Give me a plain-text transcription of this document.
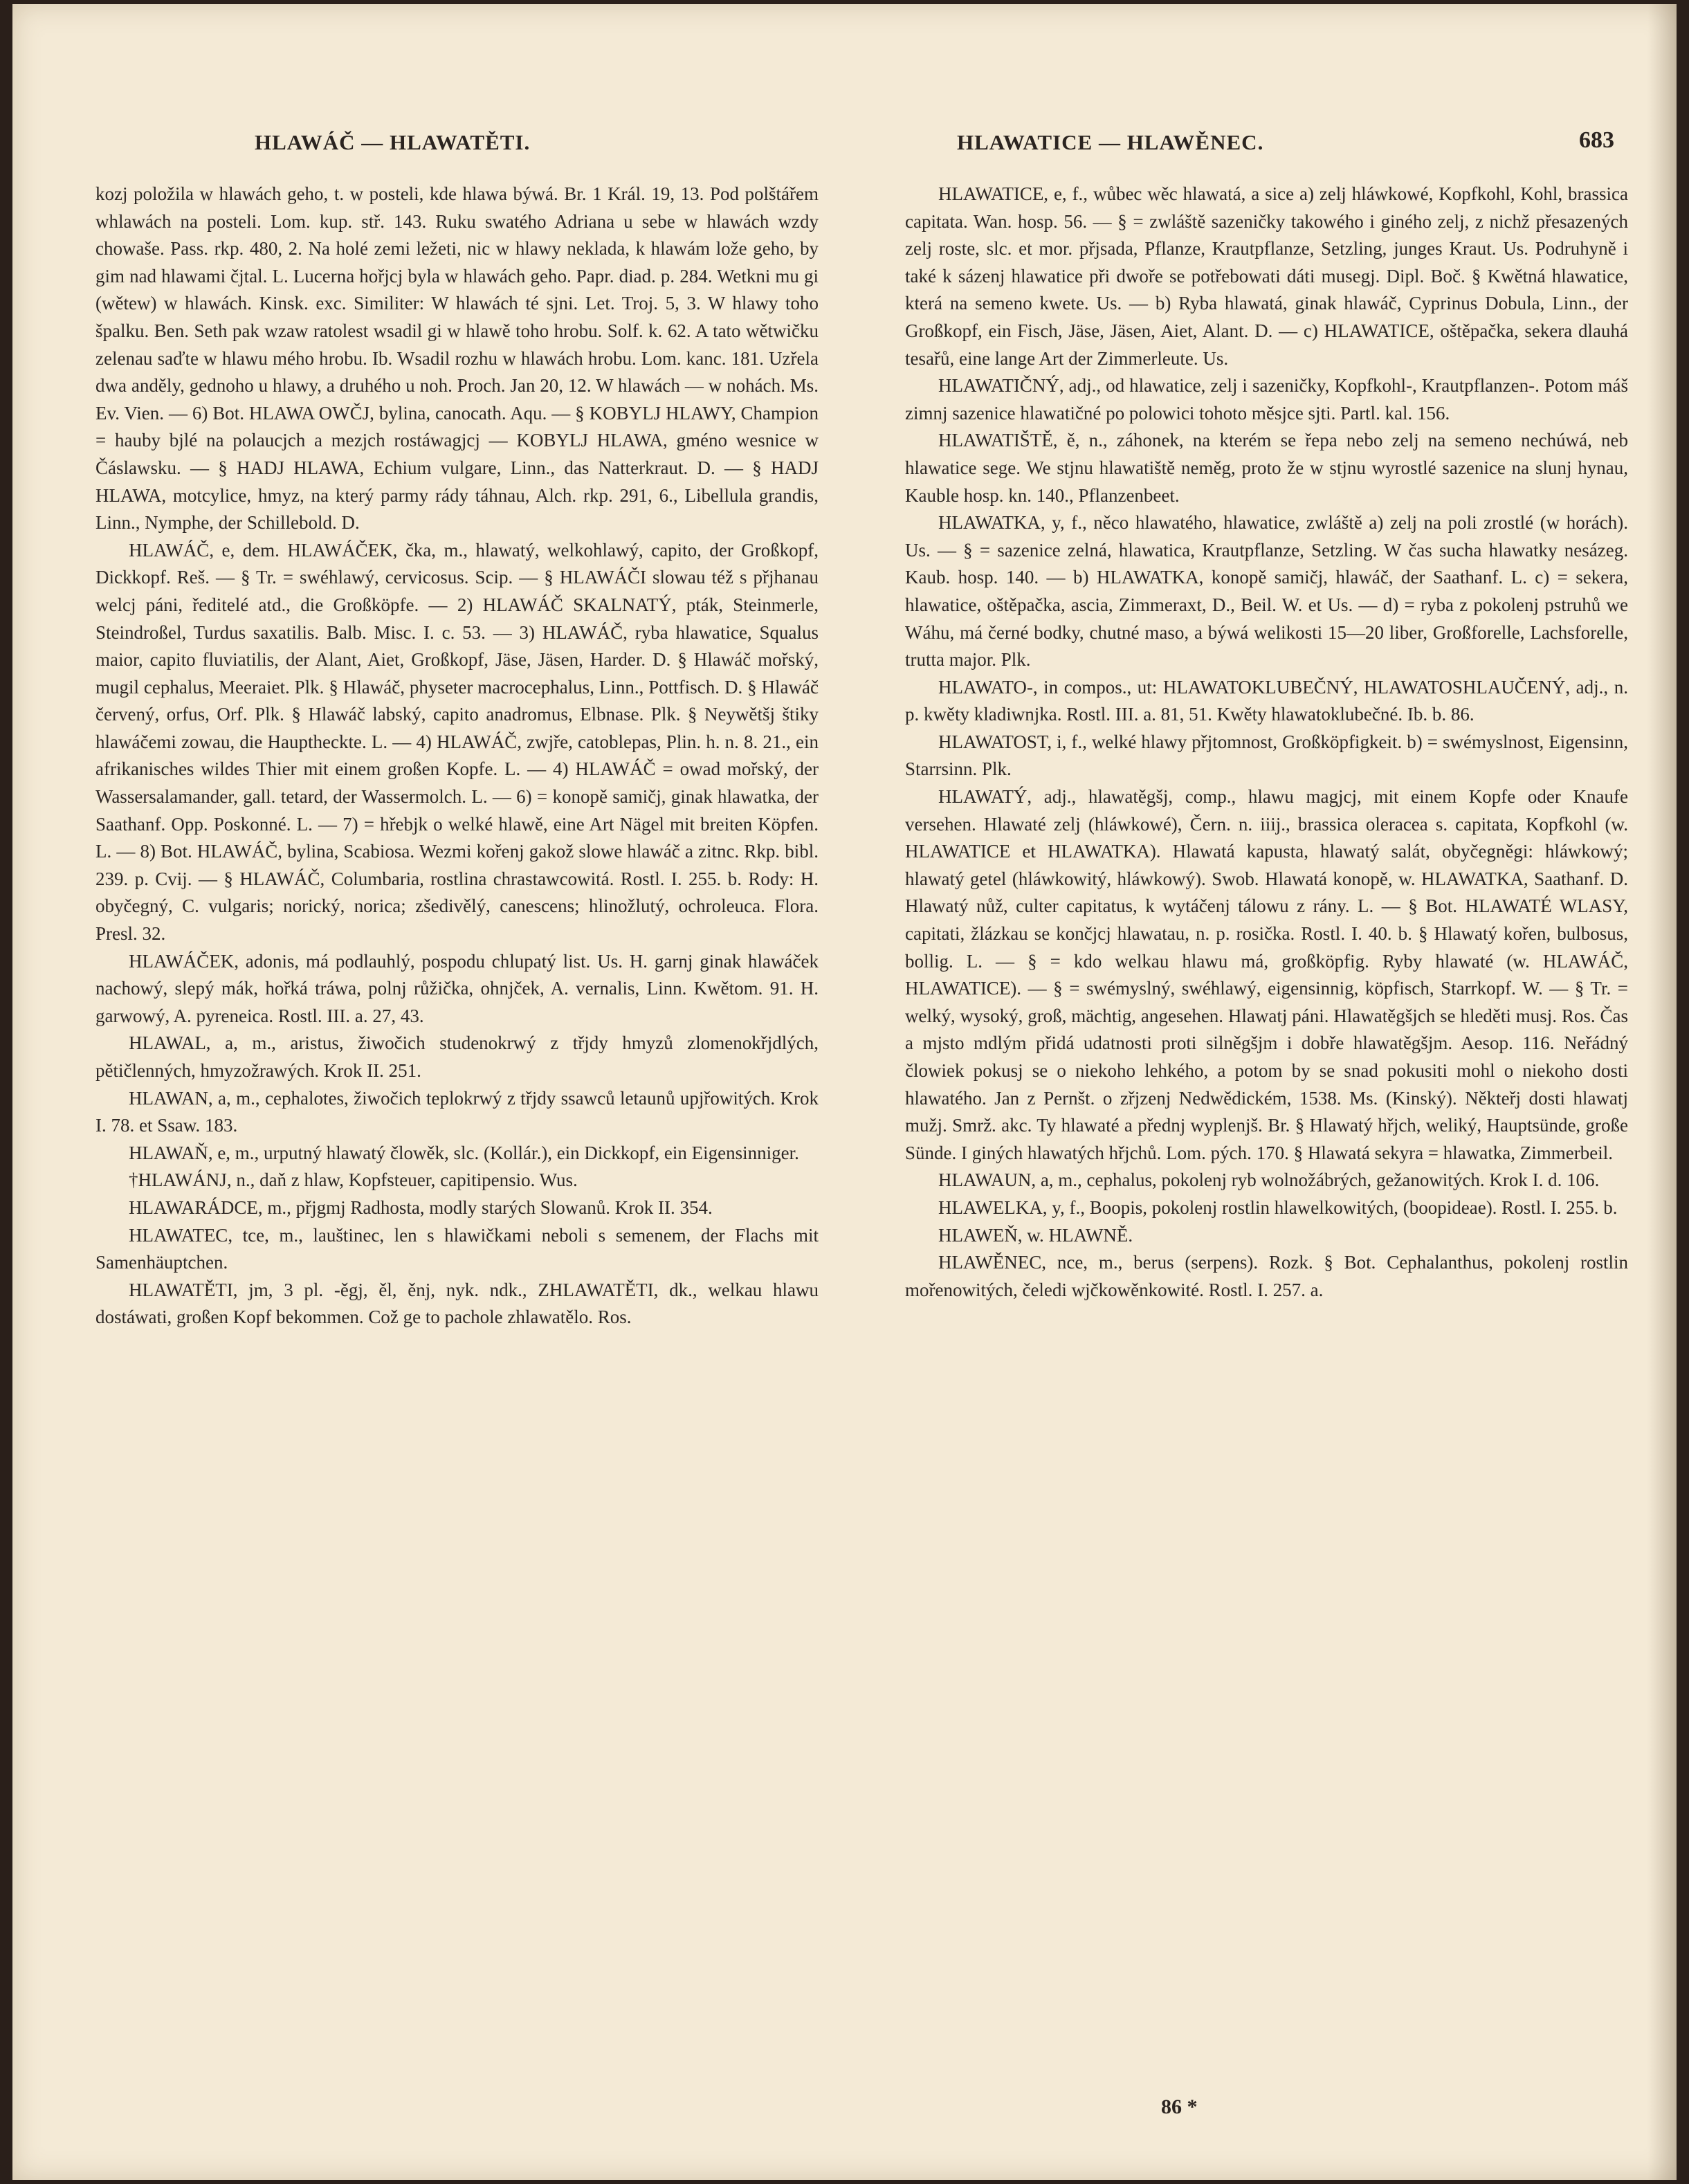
HLAWÁČ — HLAWATĚTI.	HLAWATICE — HLAWĚNEC.	683

kozj položila w hlawách geho, t. w posteli, kde hlawa býwá. Br. 1 Král. 19, 13. Pod polštářem whlawách na posteli. Lom. kup. stř. 143. Ruku swatého Adriana u sebe w hlawách wzdy chowaše. Pass. rkp. 480, 2. Na holé zemi ležeti, nic w hlawy neklada, k hlawám lože geho, by gim nad hlawami čjtal. L. Lucerna hořjcj byla w hlawách geho. Papr. diad. p. 284. Wetkni mu gi (wětew) w hlawách. Kinsk. exc. Similiter: W hlawách té sjni. Let. Troj. 5, 3. W hlawy toho špalku. Ben. Seth pak wzaw ratolest wsadil gi w hlawě toho hrobu. Solf. k. 62. A tato wětwičku zelenau saďte w hlawu mého hrobu. Ib. Wsadil rozhu w hlawách hrobu. Lom. kanc. 181. Uzřela dwa anděly, gednoho u hlawy, a druhého u noh. Proch. Jan 20, 12. W hlawách — w nohách. Ms. Ev. Vien. — 6) Bot. HLAWA OWČJ, bylina, canocath. Aqu. — § KOBYLJ HLAWY, Champion = hauby bjlé na polaucjch a mezjch rostáwagjcj — KOBYLJ HLAWA, gméno wesnice w Čáslawsku. — § HADJ HLAWA, Echium vulgare, Linn., das Natterkraut. D. — § HADJ HLAWA, motcylice, hmyz, na který parmy rády táhnau, Alch. rkp. 291, 6., Libellula grandis, Linn., Nymphe, der Schillebold. D.

HLAWÁČ, e, dem. HLAWÁČEK, čka, m., hlawatý, welkohlawý, capito, der Großkopf, Dickkopf. Reš. — § Tr. = swéhlawý, cervicosus. Scip. — § HLAWÁČI slowau též s přjhanau welcj páni, ředitelé atd., die Großköpfe. — 2) HLAWÁČ SKALNATÝ, pták, Steinmerle, Steindroßel, Turdus saxatilis. Balb. Misc. I. c. 53. — 3) HLAWÁČ, ryba hlawatice, Squalus maior, capito fluviatilis, der Alant, Aiet, Großkopf, Jäse, Jäsen, Harder. D. § Hlawáč mořský, mugil cephalus, Meeraiet. Plk. § Hlawáč, physeter macrocephalus, Linn., Pottfisch. D. § Hlawáč červený, orfus, Orf. Plk. § Hlawáč labský, capito anadromus, Elbnase. Plk. § Neywětšj štiky hlawáčemi zowau, die Hauptheckte. L. — 4) HLAWÁČ, zwjře, catoblepas, Plin. h. n. 8. 21., ein afrikanisches wildes Thier mit einem großen Kopfe. L. — 4) HLAWÁČ = owad mořský, der Wassersalamander, gall. tetard, der Wassermolch. L. — 6) = konopě samičj, ginak hlawatka, der Saathanf. Opp. Poskonné. L. — 7) = hřebjk o welké hlawě, eine Art Nägel mit breiten Köpfen. L. — 8) Bot. HLAWÁČ, bylina, Scabiosa. Wezmi kořenj gakož slowe hlawáč a zitnc. Rkp. bibl. 239. p. Cvij. — § HLAWÁČ, Columbaria, rostlina chrastawcowitá. Rostl. I. 255. b. Rody: H. obyčegný, C. vulgaris; norický, norica; zšedivělý, canescens; hlinožlutý, ochroleuca. Flora. Presl. 32.

HLAWÁČEK, adonis, má podlauhlý, pospodu chlupatý list. Us. H. garnj ginak hlawáček nachowý, slepý mák, hořká tráwa, polnj růžička, ohnjček, A. vernalis, Linn. Kwětom. 91. H. garwowý, A. pyreneica. Rostl. III. a. 27, 43.

HLAWAL, a, m., aristus, žiwočich studenokrwý z třjdy hmyzů zlomenokřjdlých, pětičlenných, hmyzožrawých. Krok II. 251.

HLAWAN, a, m., cephalotes, žiwočich teplokrwý z třjdy ssawců letaunů upjřowitých. Krok I. 78. et Ssaw. 183.

HLAWAŇ, e, m., urputný hlawatý člowěk, slc. (Kollár.), ein Dickkopf, ein Eigensinniger.

†HLAWÁNJ, n., daň z hlaw, Kopfsteuer, capitipensio. Wus.

HLAWARÁDCE, m., přjgmj Radhosta, modly starých Slowanů. Krok II. 354.

HLAWATEC, tce, m., lauštinec, len s hlawičkami neboli s semenem, der Flachs mit Samenhäuptchen.

HLAWATĚTI, jm, 3 pl. -ěgj, ěl, ěnj, nyk. ndk., ZHLAWATĚTI, dk., welkau hlawu dostáwati, großen Kopf bekommen. Což ge to pachole zhlawatělo. Ros.

HLAWATICE, e, f., wůbec wěc hlawatá, a sice a) zelj hláwkowé, Kopfkohl, Kohl, brassica capitata. Wan. hosp. 56. — § = zwláště sazeničky takowého i giného zelj, z nichž přesazených zelj roste, slc. et mor. přjsada, Pflanze, Krautpflanze, Setzling, junges Kraut. Us. Podruhyně i také k sázenj hlawatice při dwoře se potřebowati dáti musegj. Dipl. Boč. § Kwětná hlawatice, která na semeno kwete. Us. — b) Ryba hlawatá, ginak hlawáč, Cyprinus Dobula, Linn., der Großkopf, ein Fisch, Jäse, Jäsen, Aiet, Alant. D. — c) HLAWATICE, oštěpačka, sekera dlauhá tesařů, eine lange Art der Zimmerleute. Us.

HLAWATIČNÝ, adj., od hlawatice, zelj i sazeničky, Kopfkohl-, Krautpflanzen-. Potom máš zimnj sazenice hlawatičné po polowici tohoto měsjce sjti. Partl. kal. 156.

HLAWATIŠTĚ, ě, n., záhonek, na kterém se řepa nebo zelj na semeno nechúwá, neb hlawatice sege. We stjnu hlawatiště neměg, proto že w stjnu wyrostlé sazenice na slunj hynau, Kauble hosp. kn. 140., Pflanzenbeet.

HLAWATKA, y, f., něco hlawatého, hlawatice, zwláště a) zelj na poli zrostlé (w horách). Us. — § = sazenice zelná, hlawatica, Krautpflanze, Setzling. W čas sucha hlawatky nesázeg. Kaub. hosp. 140. — b) HLAWATKA, konopě samičj, hlawáč, der Saathanf. L. c) = sekera, hlawatice, oštěpačka, ascia, Zimmeraxt, D., Beil. W. et Us. — d) = ryba z pokolenj pstruhů we Wáhu, má černé bodky, chutné maso, a býwá welikosti 15—20 liber, Großforelle, Lachsforelle, trutta major. Plk.

HLAWATO-, in compos., ut: HLAWATOKLUBEČNÝ, HLAWATOSHLAUČENÝ, adj., n. p. kwěty kladiwnjka. Rostl. III. a. 81, 51. Kwěty hlawatoklubečné. Ib. b. 86.

HLAWATOST, i, f., welké hlawy přjtomnost, Großköpfigkeit. b) = swémyslnost, Eigensinn, Starrsinn. Plk.

HLAWATÝ, adj., hlawatěgšj, comp., hlawu magjcj, mit einem Kopfe oder Knaufe versehen. Hlawaté zelj (hláwkowé), Čern. n. iiij., brassica oleracea s. capitata, Kopfkohl (w. HLAWATICE et HLAWATKA). Hlawatá kapusta, hlawatý salát, obyčegněgi: hláwkowý; hlawatý getel (hláwkowitý, hláwkowý). Swob. Hlawatá konopě, w. HLAWATKA, Saathanf. D. Hlawatý nůž, culter capitatus, k wytáčenj tálowu z rány. L. — § Bot. HLAWATÉ WLASY, capitati, žlázkau se končjcj hlawatau, n. p. rosička. Rostl. I. 40. b. § Hlawatý kořen, bulbosus, bollig. L. — § = kdo welkau hlawu má, großköpfig. Ryby hlawaté (w. HLAWÁČ, HLAWATICE). — § = swémyslný, swéhlawý, eigensinnig, köpfisch, Starrkopf. W. — § Tr. = welký, wysoký, groß, mächtig, angesehen. Hlawatj páni. Hlawatěgšjch se hleděti musj. Ros. Čas a mjsto mdlým přidá udatnosti proti silněgšjm i dobře hlawatěgšjm. Aesop. 116. Neřádný člowiek pokusj se o niekoho lehkého, a potom by se snad pokusiti mohl o niekoho dosti hlawatého. Jan z Pernšt. o zřjzenj Nedwědickém, 1538. Ms. (Kinský). Někteřj dosti hlawatj mužj. Smrž. akc. Ty hlawaté a přednj wyplenjš. Br. § Hlawatý hřjch, weliký, Hauptsünde, große Sünde. I giných hlawatých hřjchů. Lom. pých. 170. § Hlawatá sekyra = hlawatka, Zimmerbeil.

HLAWAUN, a, m., cephalus, pokolenj ryb wolnožábrých, gežanowitých. Krok I. d. 106.

HLAWELKA, y, f., Boopis, pokolenj rostlin hlawelkowitých, (boopideae). Rostl. I. 255. b.

HLAWEŇ, w. HLAWNĚ.

HLAWĚNEC, nce, m., berus (serpens). Rozk. § Bot. Cephalanthus, pokolenj rostlin mořenowitých, čeledi wjčkowěnkowité. Rostl. I. 257. a.

86 *
